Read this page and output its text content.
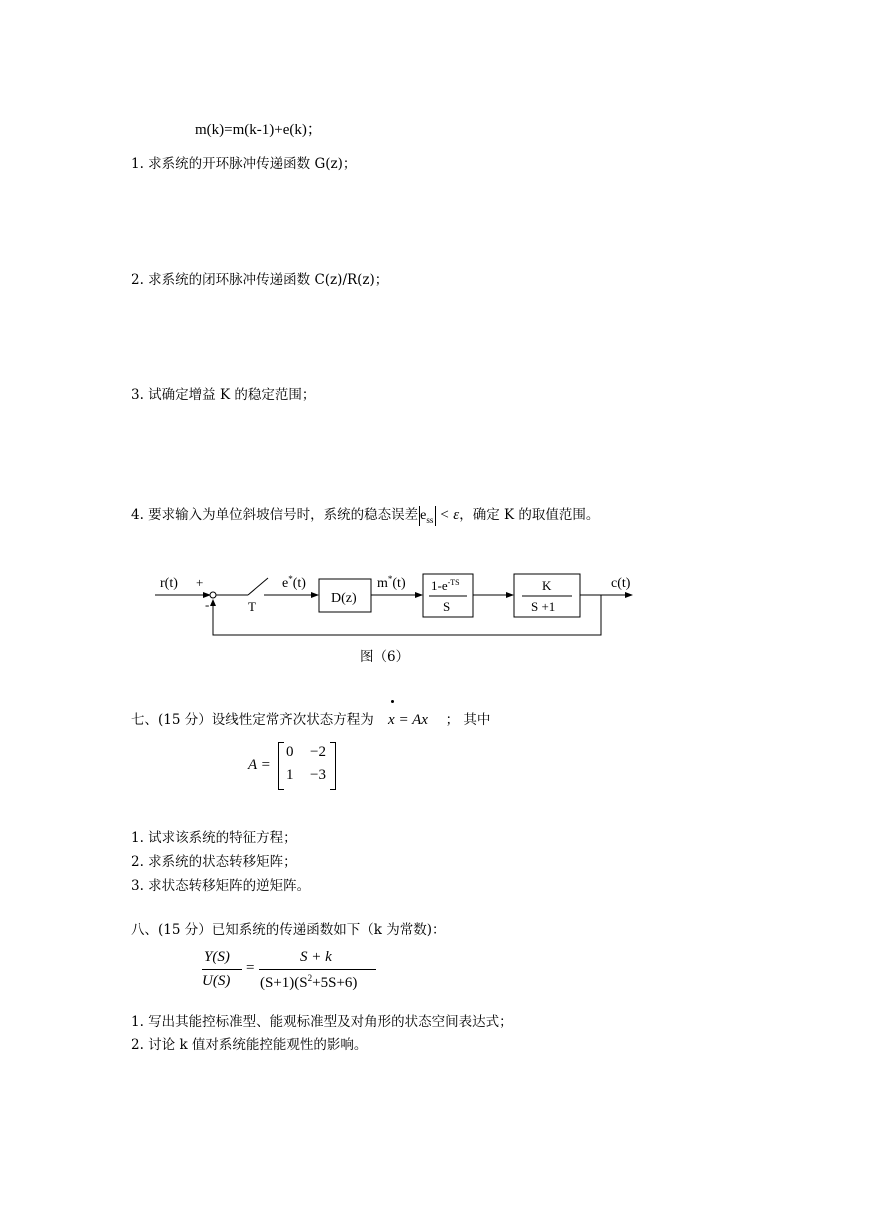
m(k)=m(k-1)+e(k)；
1. 求系统的开环脉冲传递函数 G(z)；
2. 求系统的闭环脉冲传递函数 C(z)/R(z)；
3. 试确定增益 K 的稳定范围；
4. 要求输入为单位斜坡信号时，系统的稳态误差 $e_{ss} < \varepsilon$，确定 K 的取值范围。
r(t) +
-	T
e*(t)
D(z)
m*(t) $1-e^{-TS}$
S
K
S +1
c(t)
图（6）
七、(15 分）设线性定常齐次状态方程为 x = Ax ； 其中
A =
0 −2
1 −3
1. 试求该系统的特征方程；
2. 求系统的状态转移矩阵；
3. 求状态转移矩阵的逆矩阵。
八、(15 分）已知系统的传递函数如下（k 为常数)：
Y(S)
U(S)
=
S + k
$(S+1)(S^2+5S+6)$
1. 写出其能控标准型、能观标准型及对角形的状态空间表达式；
2. 讨论 k 值对系统能控能观性的影响。
